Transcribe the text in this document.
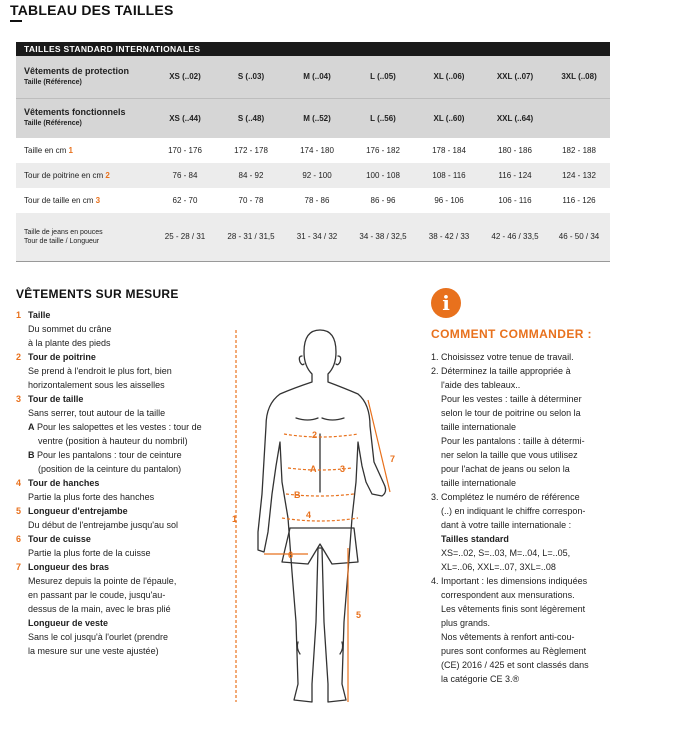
TABLEAU DES TAILLES
TAILLES STANDARD INTERNATIONALES							
Vêtements de protection
Taille (Référence)	XS (..02)	S (..03)	M (..04)	L (..05)	XL (..06)	XXL (..07)	3XL (..08)
Vêtements fonctionnels
Taille (Référence)	XS (..44)	S (..48)	M (..52)	L (..56)	XL (..60)	XXL (..64)	
Taille en cm 1	170 - 176	172 - 178	174 - 180	176 - 182	178 - 184	180 - 186	182 - 188
Tour de poitrine en cm 2	76 - 84	84 - 92	92 - 100	100 - 108	108 - 116	116 - 124	124 - 132
Tour de taille en cm 3	62 - 70	70 - 78	78 - 86	86 - 96	96 - 106	106 - 116	116 - 126

Taille de jeans en pouces
Tour de taille / Longueur	25 - 28 / 31	28 - 31 / 31,5	31 - 34 / 32	34 - 38 / 32,5	38 - 42 / 33	42 - 46 / 33,5	46 - 50 / 34
VÊTEMENTS SUR MESURE
1 Taille
Du sommet du crâne
à la plante des pieds
2 Tour de poitrine
Se prend à l'endroit le plus fort, bien
horizontalement sous les aisselles
3 Tour de taille
Sans serrer, tout autour de la taille
A Pour les salopettes et les vestes : tour de ventre (position à hauteur du nombril)
B Pour les pantalons : tour de ceinture (position de la ceinture du pantalon)
4 Tour de hanches
Partie la plus forte des hanches
5 Longueur d'entrejambe
Du début de l'entrejambe jusqu'au sol
6 Tour de cuisse
Partie la plus forte de la cuisse
7 Longueur des bras
Mesurez depuis la pointe de l'épaule,
en passant par le coude, jusqu'au-
dessus de la main, avec le bras plié
Longueur de veste
Sans le col jusqu'à l'ourlet (prendre
la mesure sur une veste ajustée)
1
2
3
A
B
4
5
6
7
i
COMMENT COMMANDER :
1. Choisissez votre tenue de travail.
2. Déterminez la taille appropriée à
l'aide des tableaux..
Pour les vestes : taille à déterminer
selon le tour de poitrine ou selon la
taille internationale
Pour les pantalons : taille à détermi-
ner selon la taille que vous utilisez
pour l'achat de jeans ou selon la
taille internationale
3. Complétez le numéro de référence
(..) en indiquant le chiffre correspon-
dant à votre taille internationale :
Tailles standard
XS=..02, S=..03, M=..04, L=..05,
XL=..06, XXL=..07, 3XL=..08
4. Important : les dimensions indiquées
correspondent aux mensurations.
Les vêtements finis sont légèrement
plus grands.
Nos vêtements à renfort anti-cou-
pures sont conformes au Règlement
(CE) 2016 / 425 et sont classés dans
la catégorie CE 3.®
